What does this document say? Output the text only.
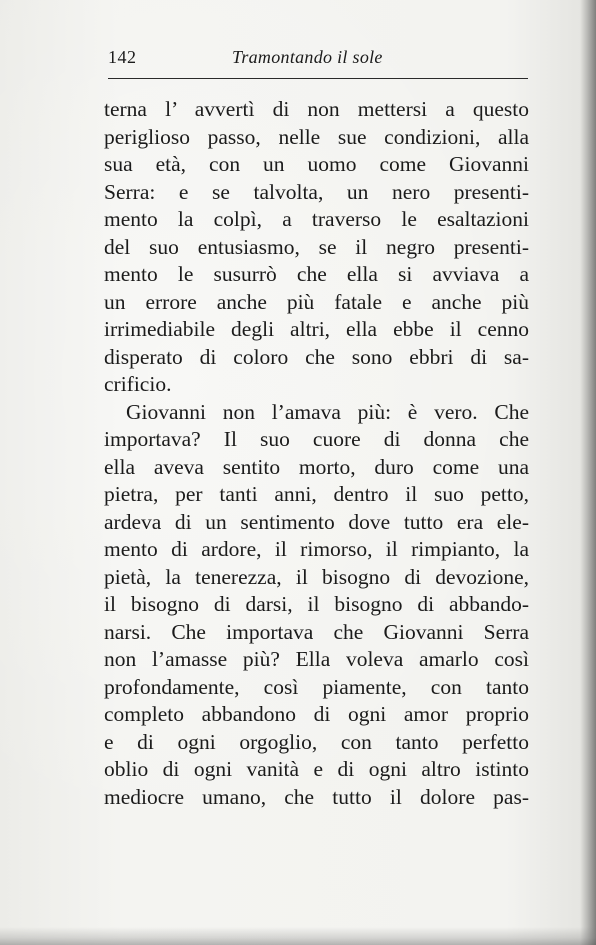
142	Tramontando il sole
terna l’ avvertì di non mettersi a questo
periglioso passo, nelle sue condizioni, alla
sua età, con un uomo come Giovanni
Serra: e se talvolta, un nero presenti-
mento la colpì, a traverso le esaltazioni
del suo entusiasmo, se il negro presenti-
mento le susurrò che ella si avviava a
un errore anche più fatale e anche più
irrimediabile degli altri, ella ebbe il cenno
disperato di coloro che sono ebbri di sa-
crificio.
Giovanni non l’amava più: è vero. Che
importava? Il suo cuore di donna che
ella aveva sentito morto, duro come una
pietra, per tanti anni, dentro il suo petto,
ardeva di un sentimento dove tutto era ele-
mento di ardore, il rimorso, il rimpianto, la
pietà, la tenerezza, il bisogno di devozione,
il bisogno di darsi, il bisogno di abbando-
narsi. Che importava che Giovanni Serra
non l’amasse più? Ella voleva amarlo così
profondamente, così piamente, con tanto
completo abbandono di ogni amor proprio
e di ogni orgoglio, con tanto perfetto
oblio di ogni vanità e di ogni altro istinto
mediocre umano, che tutto il dolore pas-
